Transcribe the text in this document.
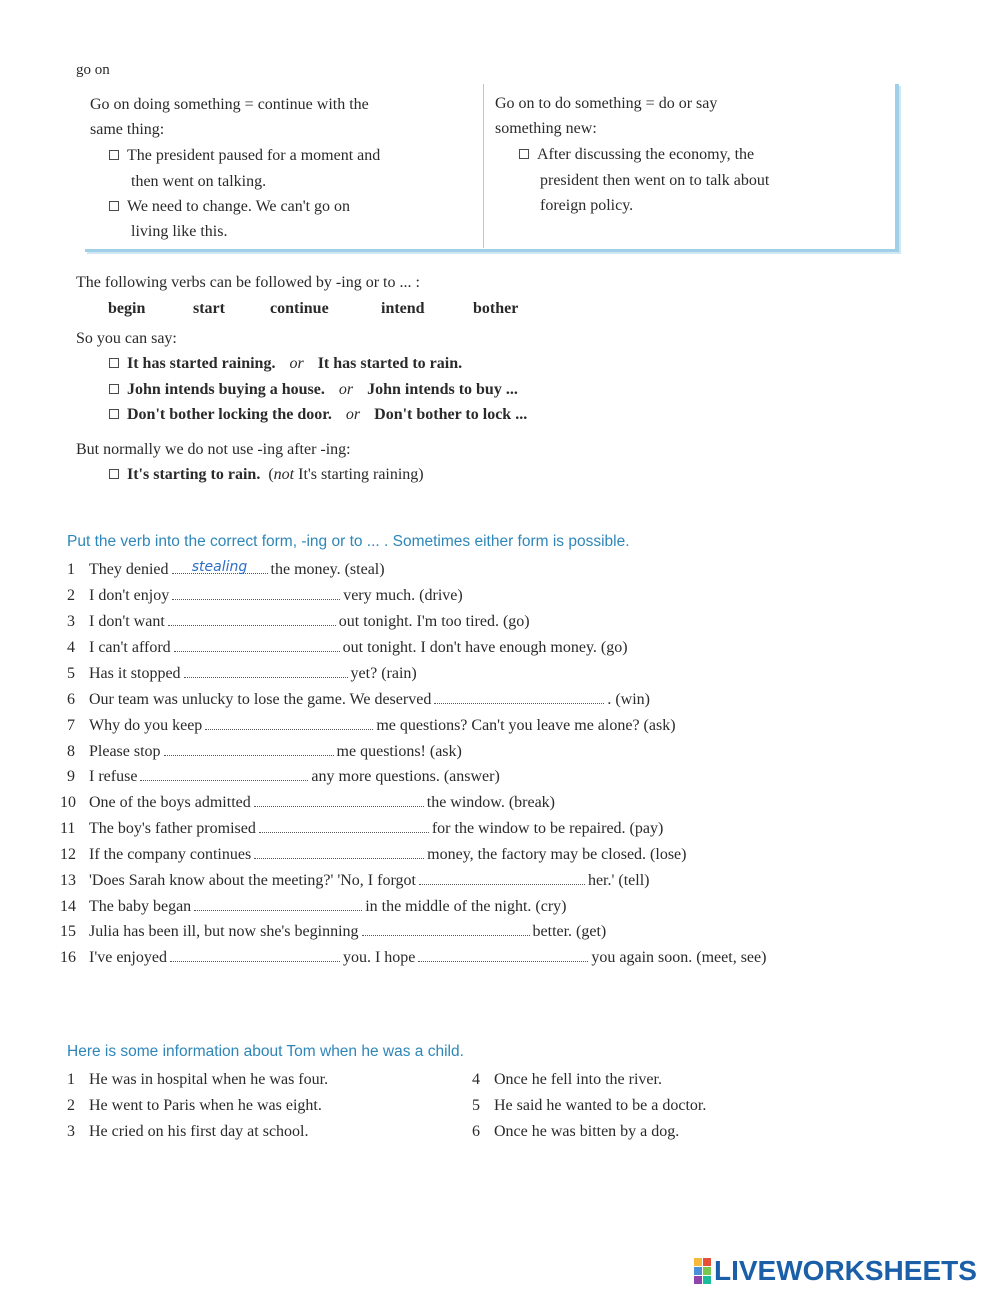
go on
Go on doing something = continue with the
same thing:
The president paused for a moment and
then went on talking.
We need to change. We can't go on
living like this.
Go on to do something = do or say
something new:
After discussing the economy, the
president then went on to talk about
foreign policy.
The following verbs can be followed by -ing or to ... :
begin	start	continue	intend	bother
So you can say:
It has started raining. or It has started to rain.
John intends buying a house. or John intends to buy ...
Don't bother locking the door. or Don't bother to lock ...
But normally we do not use -ing after -ing:
It's starting to rain. (not It's starting raining)
Put the verb into the correct form, -ing or to ... . Sometimes either form is possible.
1 They denied stealing the money. (steal)
2 I don't enjoy	very much. (drive)
3 I don't want	out tonight. I'm too tired. (go)
4 I can't afford	out tonight. I don't have enough money. (go)
5 Has it stopped	yet? (rain)
6 Our team was unlucky to lose the game. We deserved	. (win)
7 Why do you keep	me questions? Can't you leave me alone? (ask)
8 Please stop	me questions! (ask)
9 I refuse	any more questions. (answer)
10 One of the boys admitted	the window. (break)
11 The boy's father promised	for the window to be repaired. (pay)
12 If the company continues	money, the factory may be closed. (lose)
13 'Does Sarah know about the meeting?' 'No, I forgot	her.' (tell)
14 The baby began	in the middle of the night. (cry)
15 Julia has been ill, but now she's beginning	better. (get)
16 I've enjoyed	you. I hope	you again soon. (meet, see)
Here is some information about Tom when he was a child.
1 He was in hospital when he was four.
2 He went to Paris when he was eight.
3 He cried on his first day at school.
4 Once he fell into the river.
5 He said he wanted to be a doctor.
6 Once he was bitten by a dog.
LIVEWORKSHEETS
